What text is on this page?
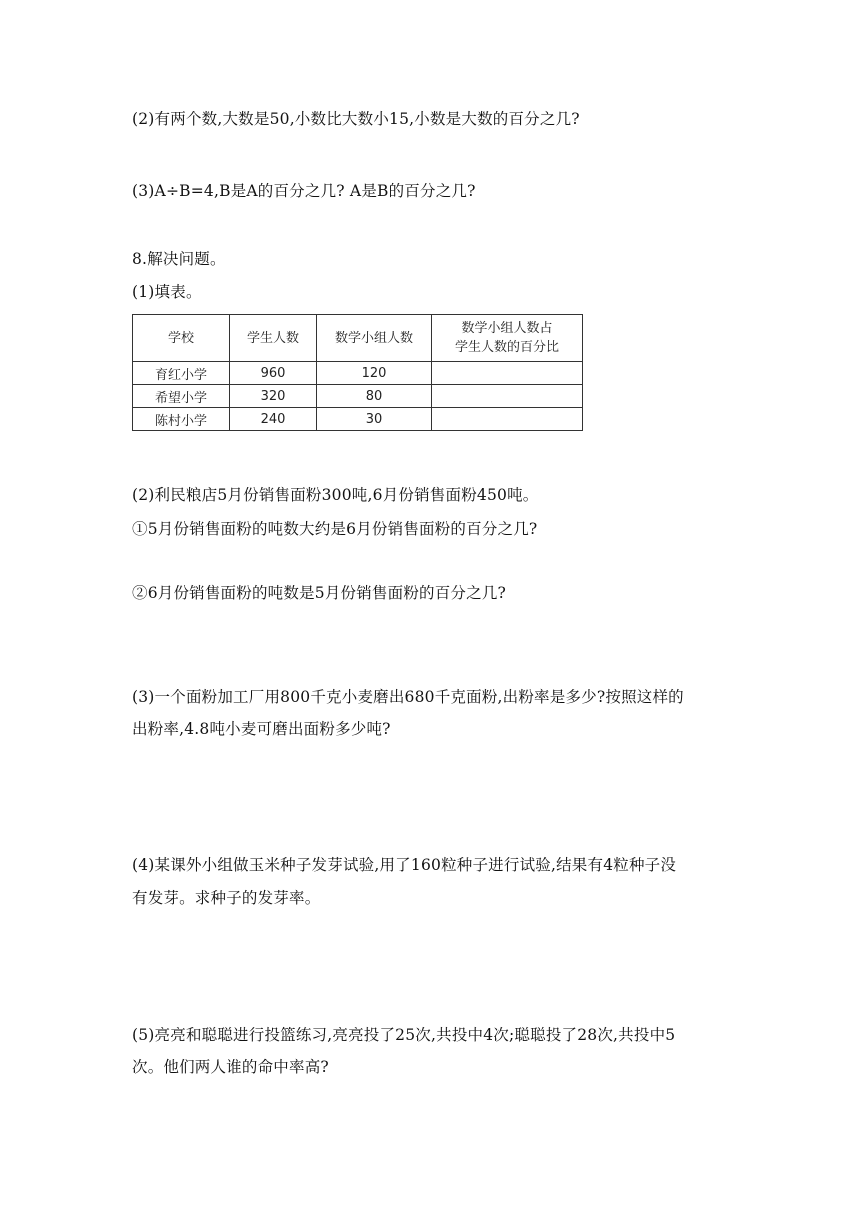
(2)有两个数,大数是50,小数比大数小15,小数是大数的百分之几?
(3)A÷B=4,B是A的百分之几? A是B的百分之几?
8.解决问题。
(1)填表。
学校	学生人数	数学小组人数	数学小组人数占
学生人数的百分比

育红小学	960	120	
希望小学	320	80	
陈村小学	240	30	
(2)利民粮店5月份销售面粉300吨,6月份销售面粉450吨。
①5月份销售面粉的吨数大约是6月份销售面粉的百分之几?
②6月份销售面粉的吨数是5月份销售面粉的百分之几?
(3)一个面粉加工厂用800千克小麦磨出680千克面粉,出粉率是多少?按照这样的
出粉率,4.8吨小麦可磨出面粉多少吨?
(4)某课外小组做玉米种子发芽试验,用了160粒种子进行试验,结果有4粒种子没
有发芽。求种子的发芽率。
(5)亮亮和聪聪进行投篮练习,亮亮投了25次,共投中4次;聪聪投了28次,共投中5
次。他们两人谁的命中率高?
